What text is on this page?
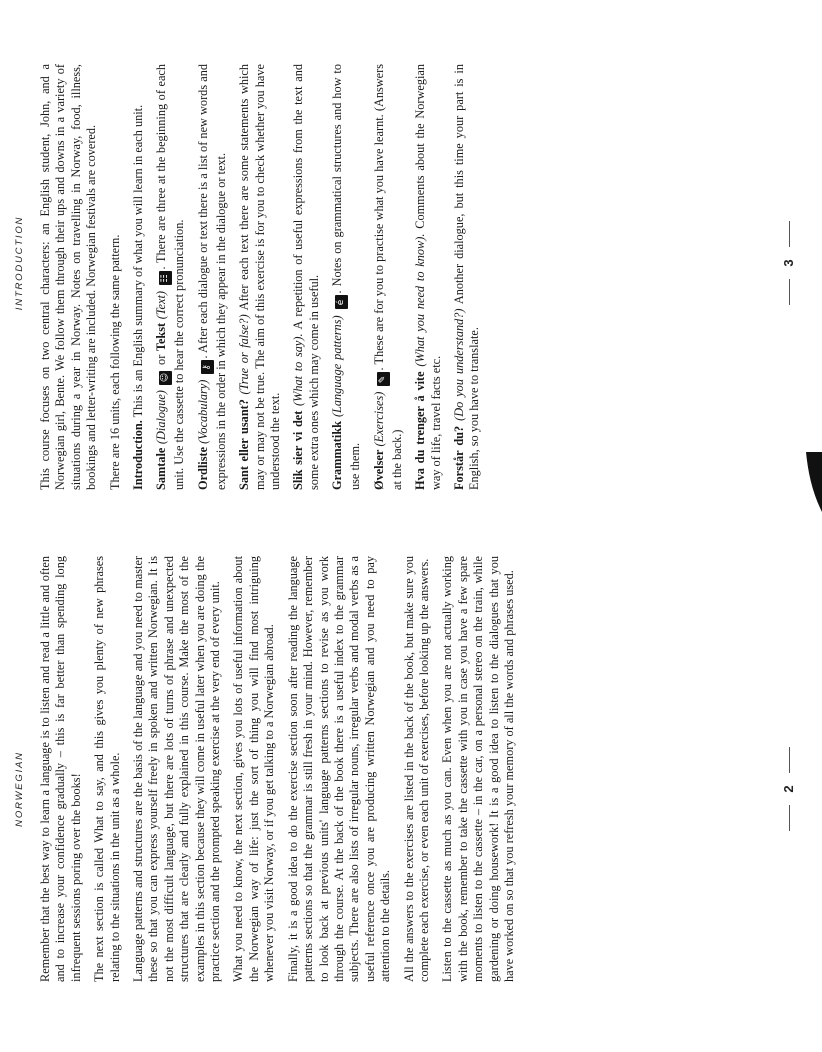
NORWEGIAN Remember that the best way to learn a language is to listen and read a little and often and to increase your confidence gradually – this is far better than spending long infrequent sessions poring over the books! The next section is called What to say, and this gives you plenty of new phrases relating to the situations in the unit as a whole. Language patterns and structures are the basis of the language and you need to master these so that you can express yourself freely in spoken and written Norwegian. It is not the most difficult language, but there are lots of turns of phrase and unexpected structures that are clearly and fully explained in this course. Make the most of the examples in this section because they will come in useful later when you are doing the practice section and the prompted speaking exercise at the very end of every unit. What you need to know, the next section, gives you lots of useful information about the Norwegian way of life: just the sort of thing you will find most intriguing whenever you visit Norway, or if you get talking to a Norwegian abroad. Finally, it is a good idea to do the exercise section soon after reading the language patterns sections so that the grammar is still fresh in your mind. However, remember to look back at previous units' language patterns sections to revise as you work through the course. At the back of the book there is a useful index to the grammar subjects. There are also lists of irregular nouns, irregular verbs and modal verbs as a useful reference once you are producing written Norwegian and you need to pay attention to the details. All the answers to the exercises are listed in the back of the book, but make sure you complete each exercise, or even each unit of exercises, before looking up the answers. Listen to the cassette as much as you can. Even when you are not actually working with the book, remember to take the cassette with you in case you have a few spare moments to listen to the cassette – in the car, on a personal stereo on the train, while gardening or doing housework! It is a good idea to listen to the dialogues that you have worked on so that you refresh your memory of all the words and phrases used.	2
INTRODUCTION This course focuses on two central characters: an English student, John, and a Norwegian girl, Bente. We follow them through their ups and downs in a variety of situations during a year in Norway. Notes on travelling in Norway, food, illness, bookings and letter-writing are included. Norwegian festivals are covered. There are 16 units, each following the same pattern. Introduction. This is an English summary of what you will learn in each unit.

Samtale (Dialogue) ☺ or Tekst (Text) ☷. There are three at the beginning of each unit. Use the cassette to hear the correct pronunciation. Ordliste (Vocabulary) ⚷. After each dialogue or text there is a list of new words and expressions in the order in which they appear in the dialogue or text. Sant eller usant? (True or false?) After each text there are some statements which may or may not be true. The aim of this exercise is for you to check whether you have understood the text. Slik sier vi det (What to say). A repetition of useful expressions from the text and some extra ones which may come in useful. Grammatikk (Language patterns) é. Notes on grammatical structures and how to use them. Øvelser (Exercises) ✎. These are for you to practise what you have learnt. (Answers at the back.) Hva du trenger å vite (What you need to know). Comments about the Norwegian way of life, travel facts etc. Forstår du? (Do you understand?) Another dialogue, but this time your part is in English, so you have to translate.

3
